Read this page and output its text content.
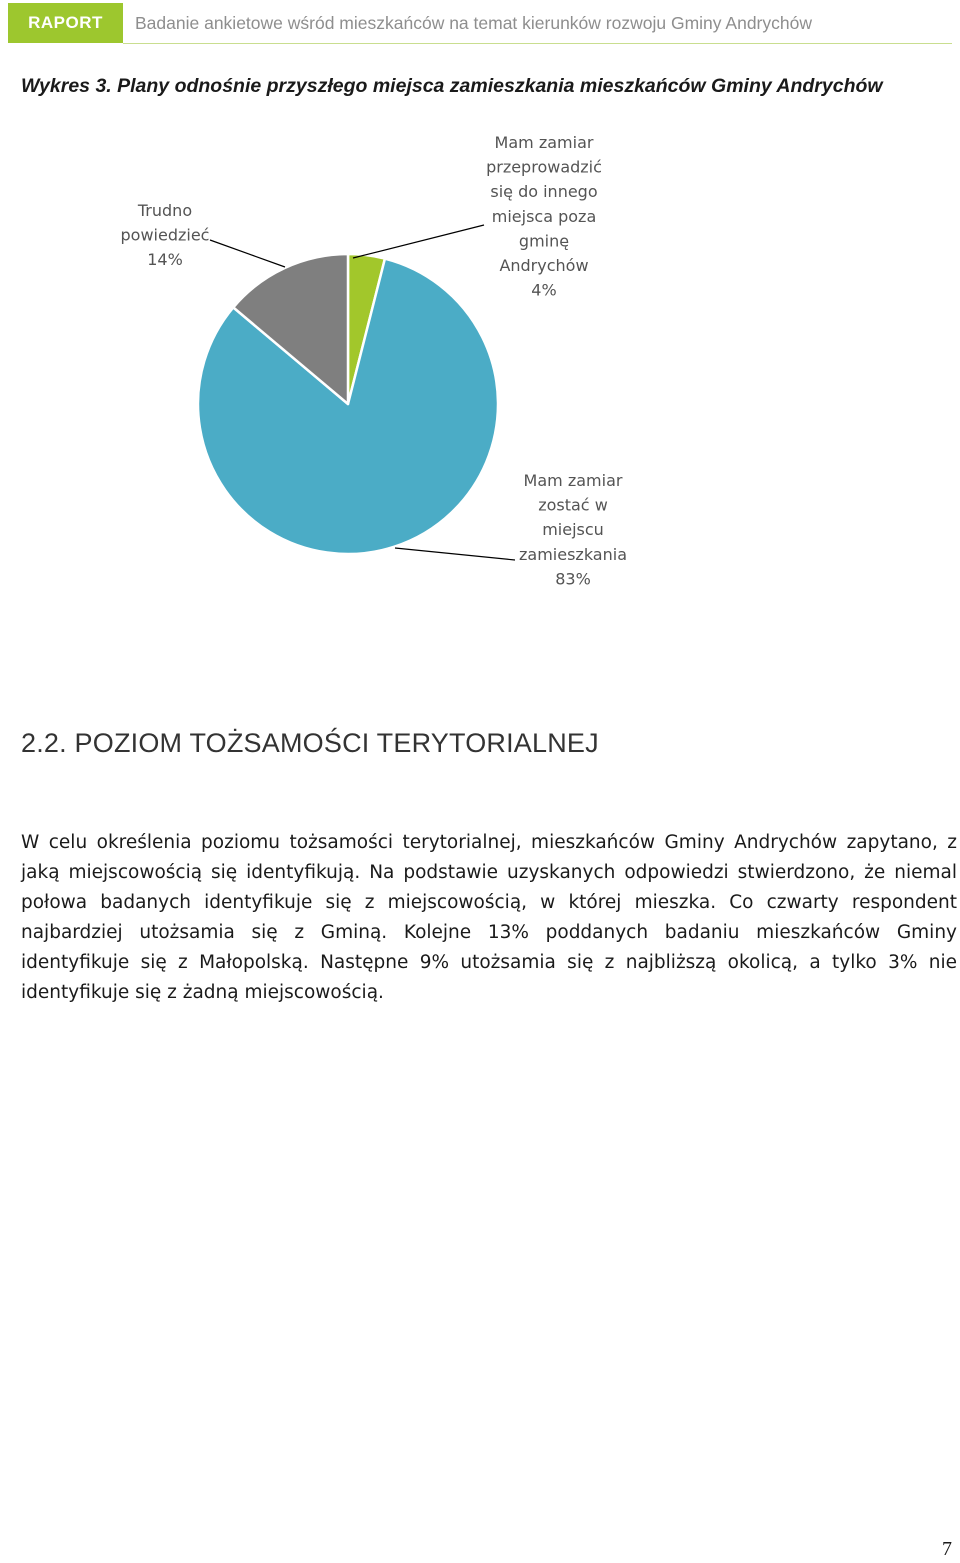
RAPORT	Badanie ankietowe wśród mieszkańców na temat kierunków rozwoju Gminy Andrychów
Wykres 3. Plany odnośnie przyszłego miejsca zamieszkania mieszkańców Gminy Andrychów
Mam zamiar przeprowadzić się do innego miejsca poza gminę Andrychów 4%
Mam zamiar zostać w miejscu zamieszkania 83%
Trudno powiedzieć 14%
2.2. POZIOM TOŻSAMOŚCI TERYTORIALNEJ
W celu określenia poziomu tożsamości terytorialnej, mieszkańców Gminy Andrychów zapytano, z jaką miejscowością się identyfikują. Na podstawie uzyskanych odpowiedzi stwierdzono, że niemal połowa badanych identyfikuje się z miejscowością, w której mieszka. Co czwarty respondent najbardziej utożsamia się z Gminą. Kolejne 13% poddanych badaniu mieszkańców Gminy identyfikuje się z Małopolską. Następne 9% utożsamia się z najbliższą okolicą, a tylko 3% nie identyfikuje się z żadną miejscowością.
7
